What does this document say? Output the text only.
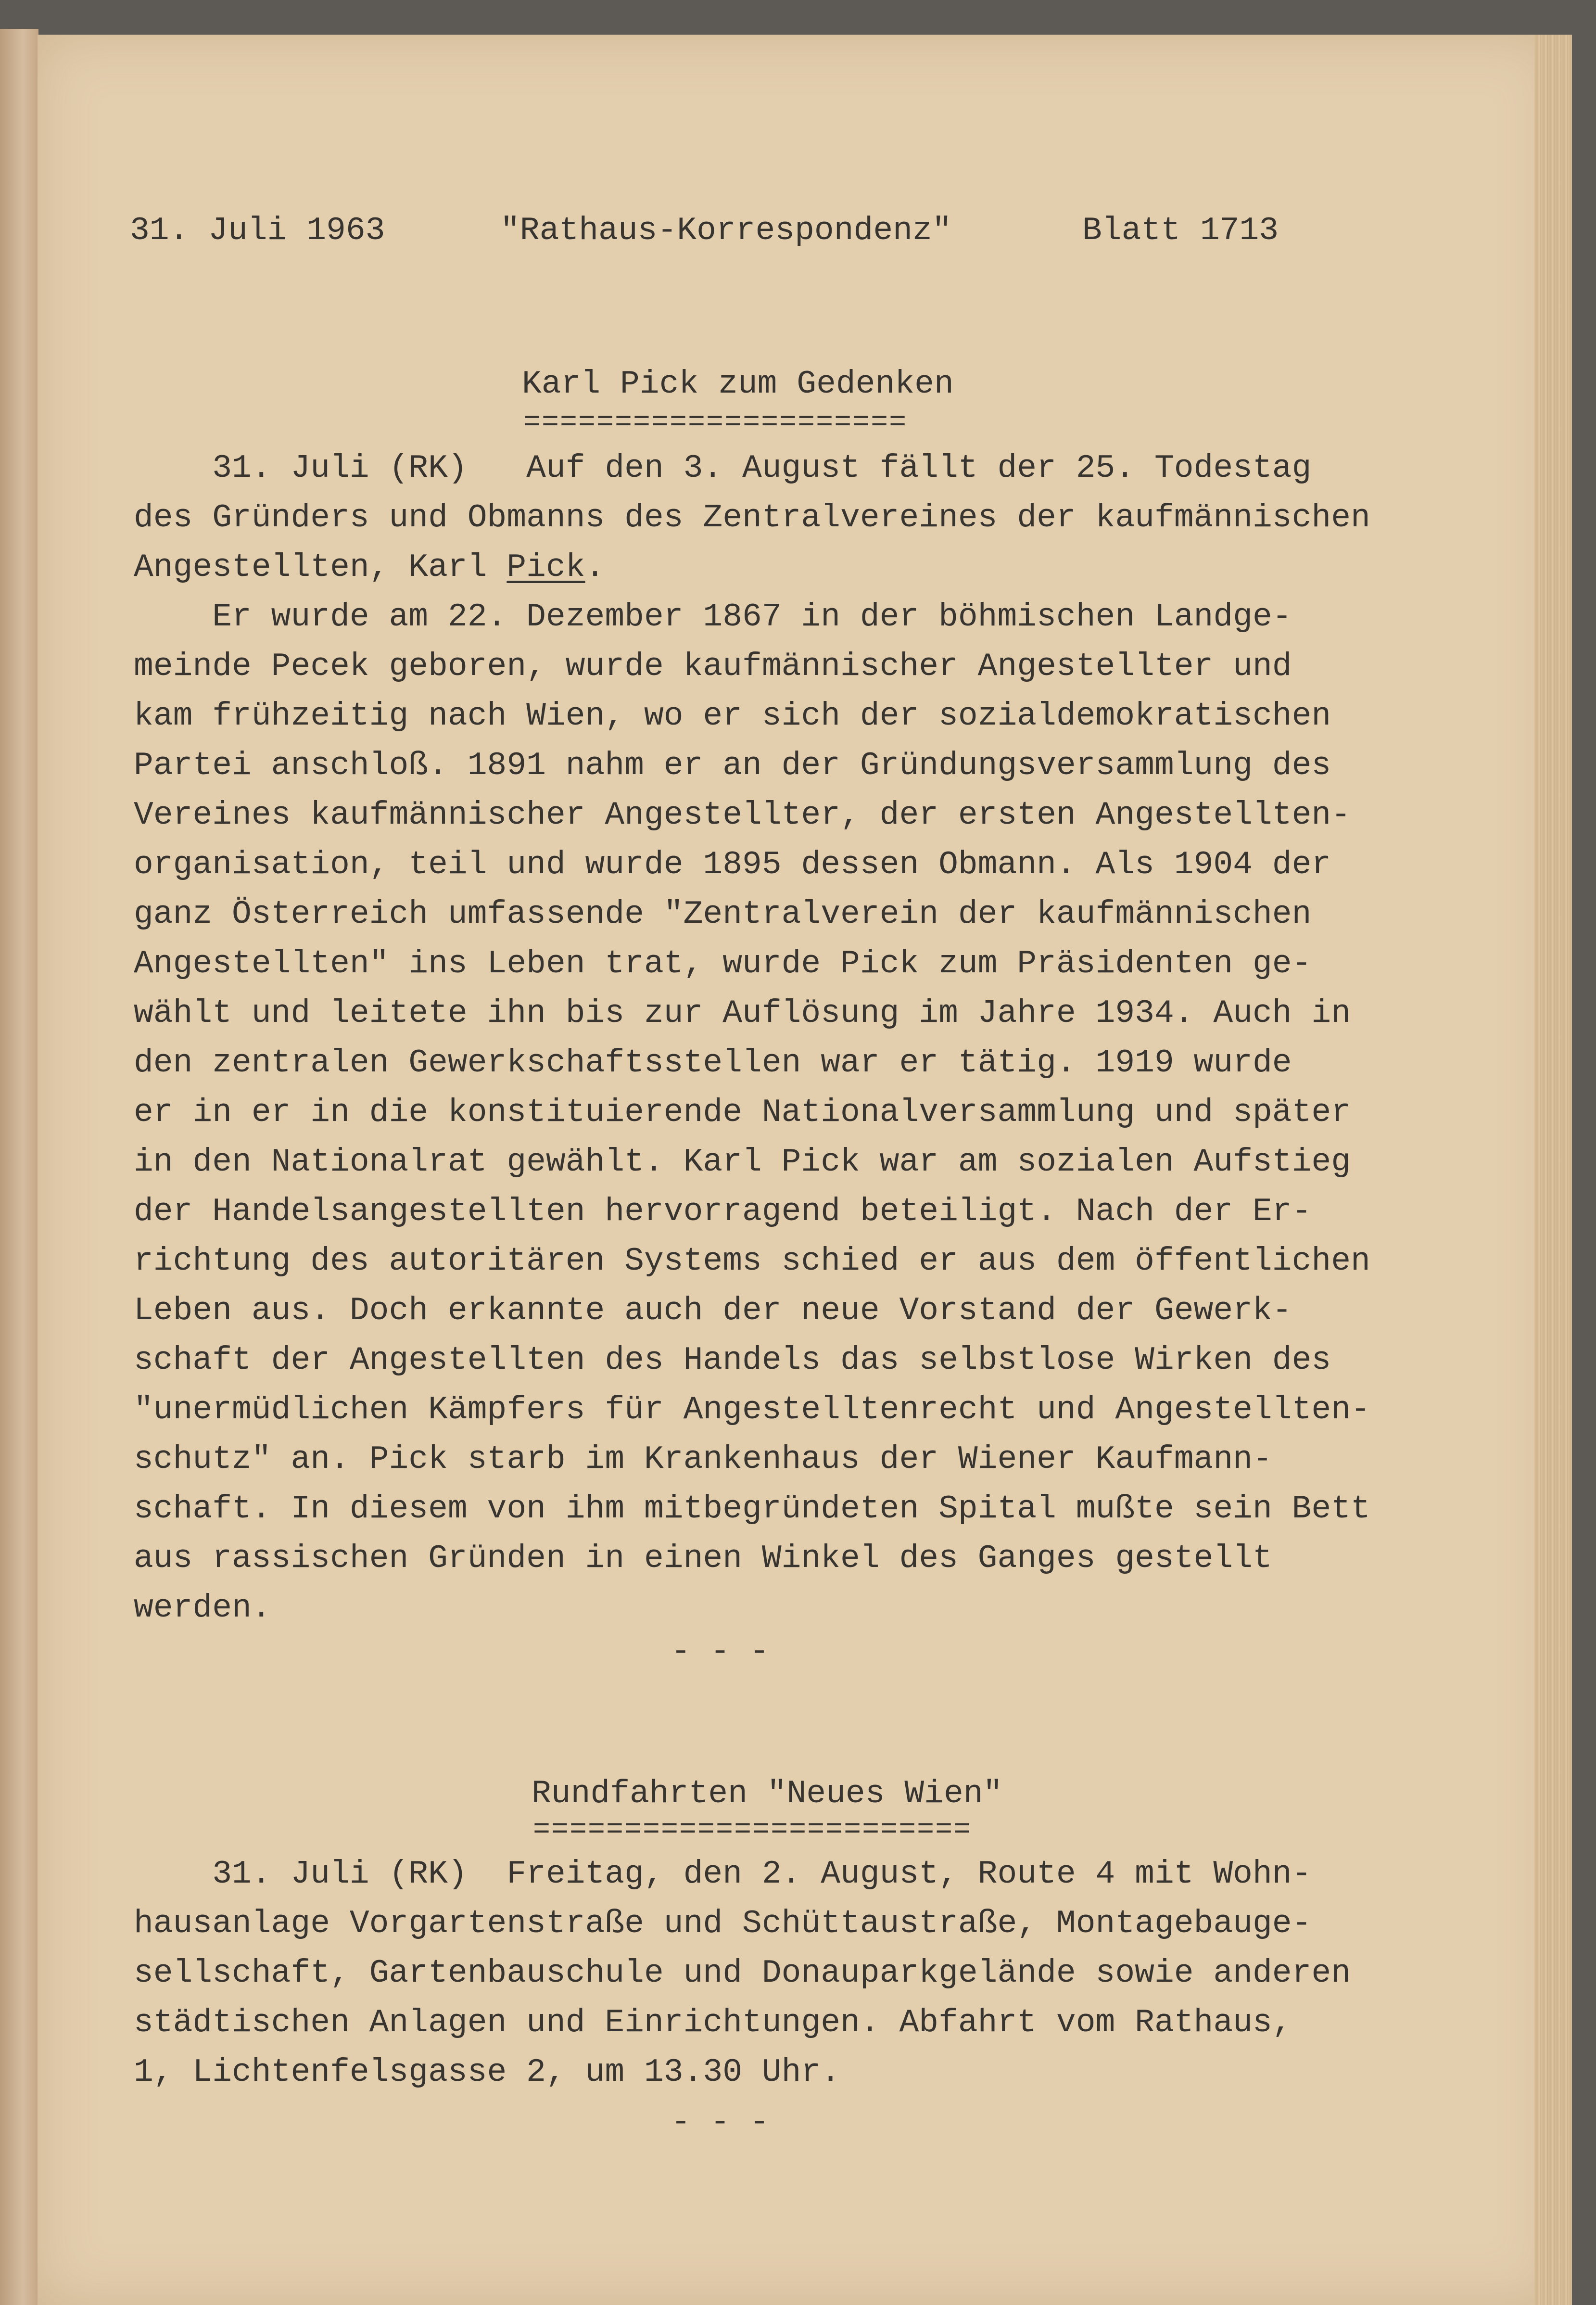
31. Juli 1963	"Rathaus-Korrespondenz"	Blatt 1713
Karl Pick zum Gedenken
=====================
31. Juli (RK)   Auf den 3. August fällt der 25. Todestag
des Gründers und Obmanns des Zentralvereines der kaufmännischen
Angestellten, Karl Pick.
Er wurde am 22. Dezember 1867 in der böhmischen Landge-
meinde Pecek geboren, wurde kaufmännischer Angestellter und
kam frühzeitig nach Wien, wo er sich der sozialdemokratischen
Partei anschloß. 1891 nahm er an der Gründungsversammlung des
Vereines kaufmännischer Angestellter, der ersten Angestellten-
organisation, teil und wurde 1895 dessen Obmann. Als 1904 der
ganz Österreich umfassende "Zentralverein der kaufmännischen
Angestellten" ins Leben trat, wurde Pick zum Präsidenten ge-
wählt und leitete ihn bis zur Auflösung im Jahre 1934. Auch in
den zentralen Gewerkschaftsstellen war er tätig. 1919 wurde
er in er in die konstituierende Nationalversammlung und später
in den Nationalrat gewählt. Karl Pick war am sozialen Aufstieg
der Handelsangestellten hervorragend beteiligt. Nach der Er-
richtung des autoritären Systems schied er aus dem öffentlichen
Leben aus. Doch erkannte auch der neue Vorstand der Gewerk-
schaft der Angestellten des Handels das selbstlose Wirken des
"unermüdlichen Kämpfers für Angestelltenrecht und Angestellten-
schutz" an. Pick starb im Krankenhaus der Wiener Kaufmann-
schaft. In diesem von ihm mitbegründeten Spital mußte sein Bett
aus rassischen Gründen in einen Winkel des Ganges gestellt
werden.
- - -
Rundfahrten "Neues Wien"
========================
31. Juli (RK)  Freitag, den 2. August, Route 4 mit Wohn-
hausanlage Vorgartenstraße und Schüttaustraße, Montagebauge-
sellschaft, Gartenbauschule und Donauparkgelände sowie anderen
städtischen Anlagen und Einrichtungen. Abfahrt vom Rathaus,
1, Lichtenfelsgasse 2, um 13.30 Uhr.
- - -
